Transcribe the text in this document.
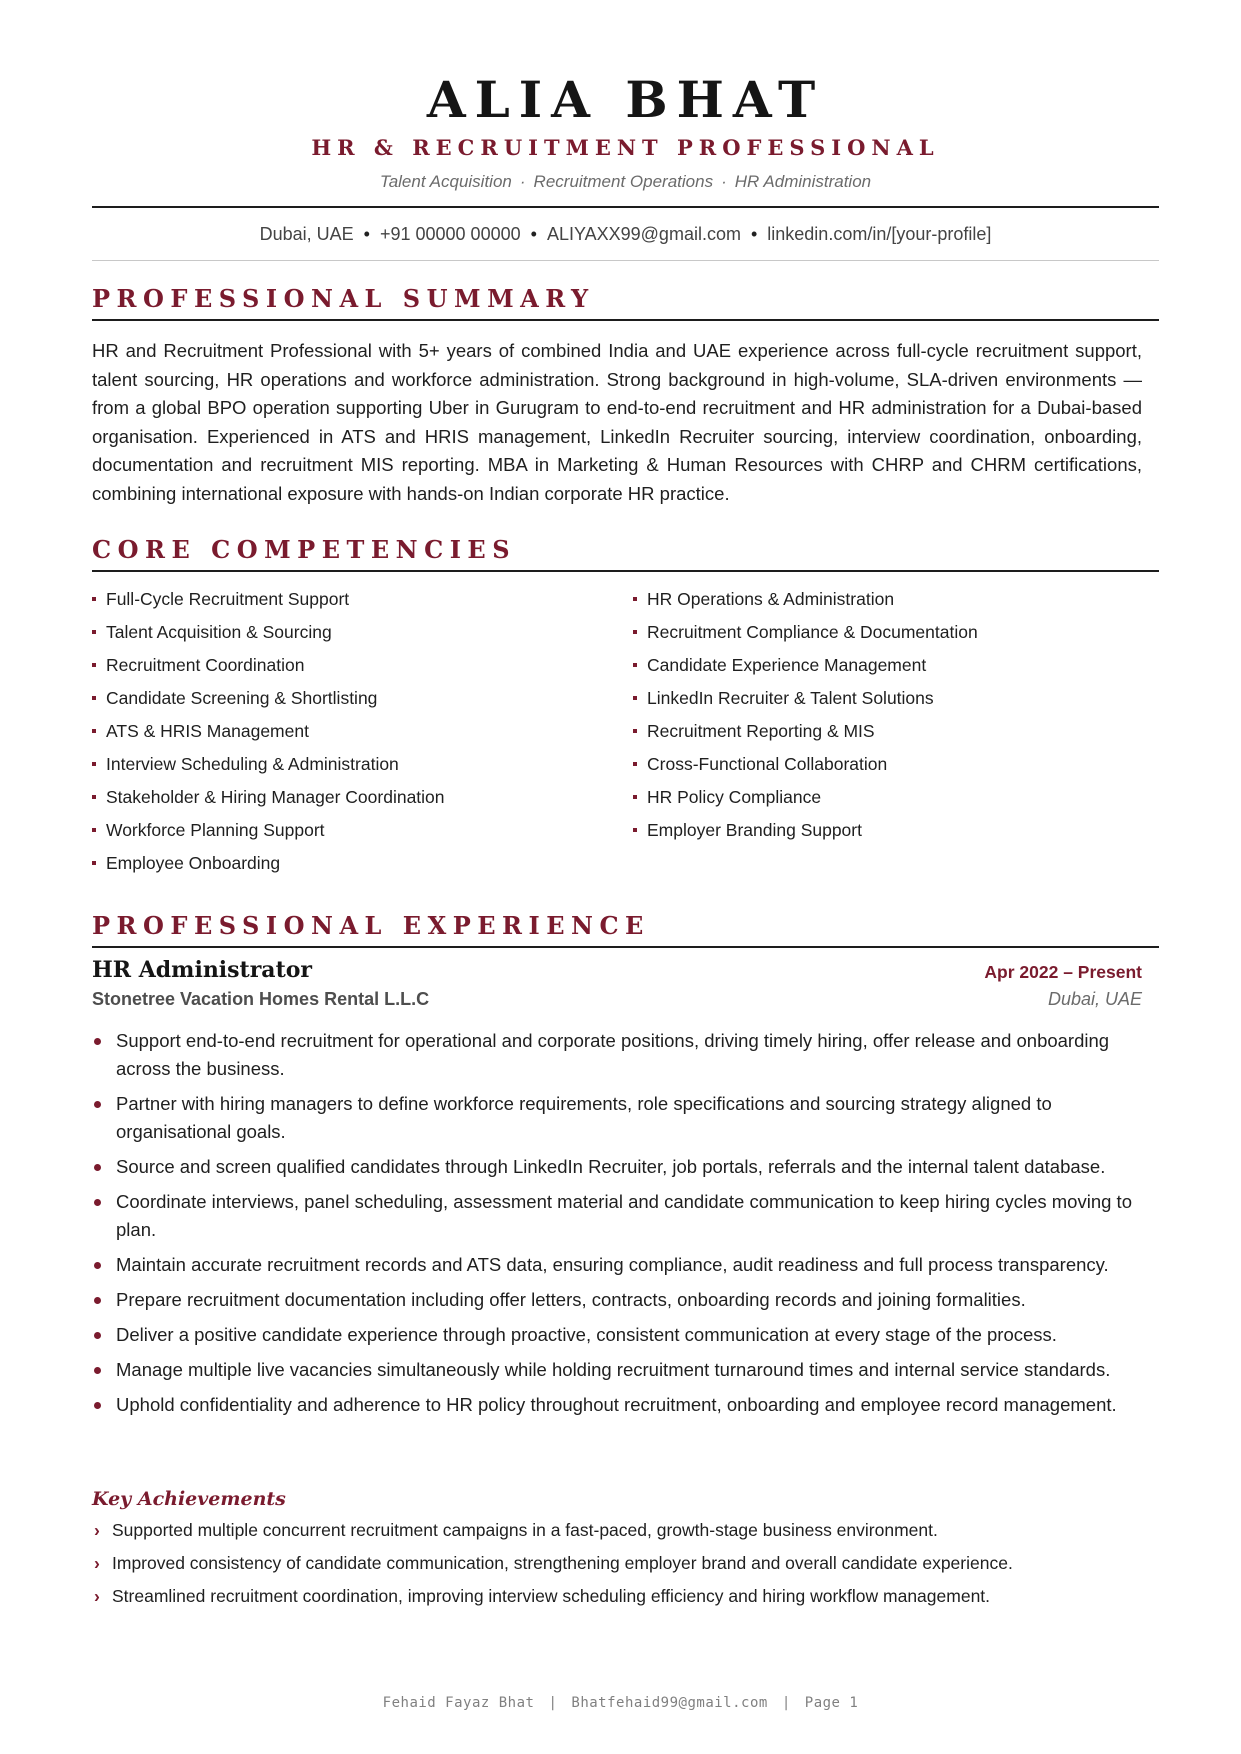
ALIA BHAT
HR & RECRUITMENT PROFESSIONAL
Talent Acquisition · Recruitment Operations · HR Administration
Dubai, UAE • +91 00000 00000 • ALIYAXX99@gmail.com • linkedin.com/in/[your-profile]
PROFESSIONAL SUMMARY
HR and Recruitment Professional with 5+ years of combined India and UAE experience across full-cycle recruitment support, talent sourcing, HR operations and workforce administration. Strong background in high-volume, SLA-driven environments — from a global BPO operation supporting Uber in Gurugram to end-to-end recruitment and HR administration for a Dubai-based organisation. Experienced in ATS and HRIS management, LinkedIn Recruiter sourcing, interview coordination, onboarding, documentation and recruitment MIS reporting. MBA in Marketing & Human Resources with CHRP and CHRM certifications, combining international exposure with hands-on Indian corporate HR practice.
CORE COMPETENCIES
Full-Cycle Recruitment Support
Talent Acquisition & Sourcing
Recruitment Coordination
Candidate Screening & Shortlisting
ATS & HRIS Management
Interview Scheduling & Administration
Stakeholder & Hiring Manager Coordination
Workforce Planning Support
Employee Onboarding
HR Operations & Administration
Recruitment Compliance & Documentation
Candidate Experience Management
LinkedIn Recruiter & Talent Solutions
Recruitment Reporting & MIS
Cross-Functional Collaboration
HR Policy Compliance
Employer Branding Support
PROFESSIONAL EXPERIENCE
HR Administrator	Apr 2022 – Present
Stonetree Vacation Homes Rental L.L.C	Dubai, UAE
Support end-to-end recruitment for operational and corporate positions, driving timely hiring, offer release and onboarding across the business.
Partner with hiring managers to define workforce requirements, role specifications and sourcing strategy aligned to organisational goals.
Source and screen qualified candidates through LinkedIn Recruiter, job portals, referrals and the internal talent database.
Coordinate interviews, panel scheduling, assessment material and candidate communication to keep hiring cycles moving to plan.
Maintain accurate recruitment records and ATS data, ensuring compliance, audit readiness and full process transparency.
Prepare recruitment documentation including offer letters, contracts, onboarding records and joining formalities.
Deliver a positive candidate experience through proactive, consistent communication at every stage of the process.
Manage multiple live vacancies simultaneously while holding recruitment turnaround times and internal service standards.
Uphold confidentiality and adherence to HR policy throughout recruitment, onboarding and employee record management.
Key Achievements
› Supported multiple concurrent recruitment campaigns in a fast-paced, growth-stage business environment.
› Improved consistency of candidate communication, strengthening employer brand and overall candidate experience.
› Streamlined recruitment coordination, improving interview scheduling efficiency and hiring workflow management.
Fehaid Fayaz Bhat | Bhatfehaid99@gmail.com | Page 1
